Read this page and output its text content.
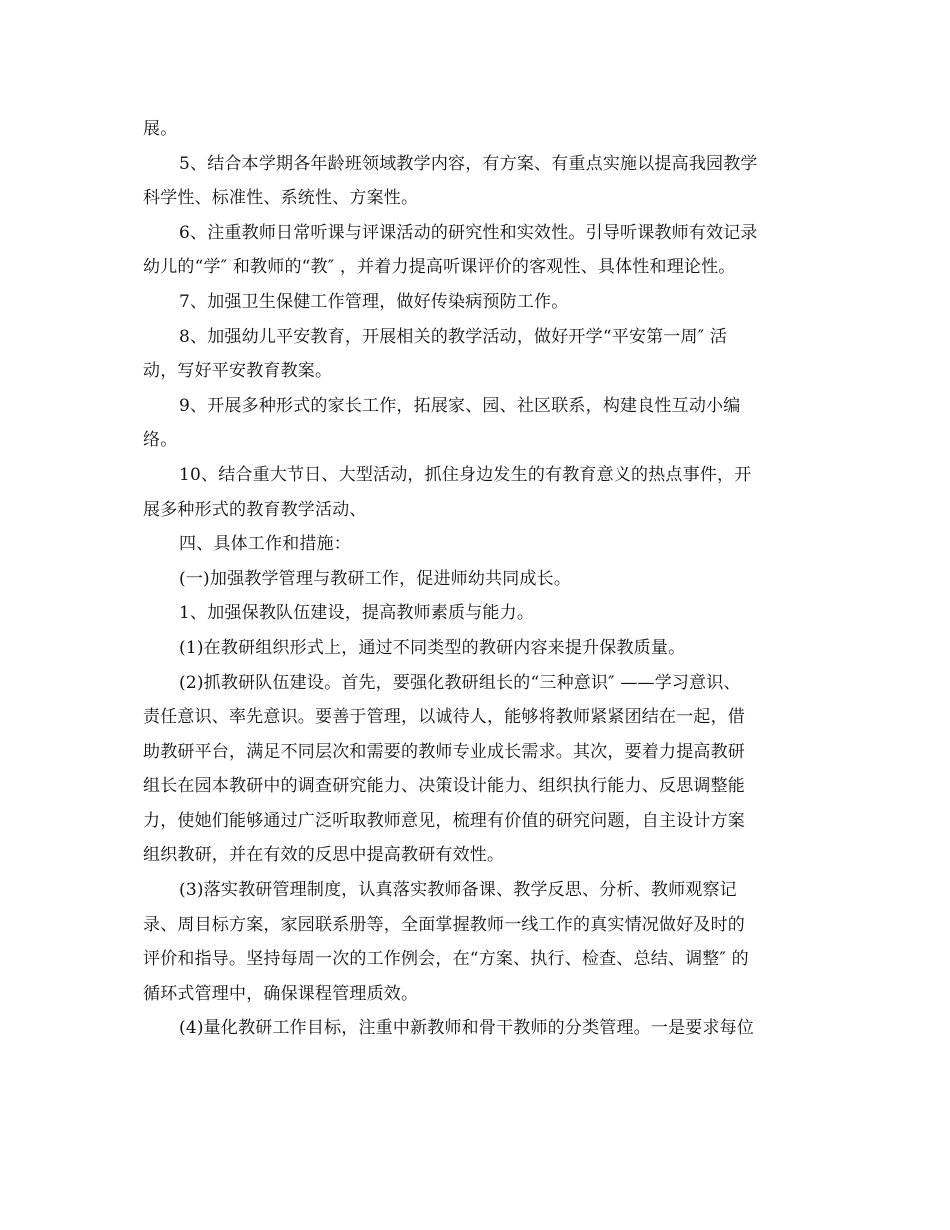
展。
5、结合本学期各年龄班领域教学内容，有方案、有重点实施以提高我园教学
科学性、标准性、系统性、方案性。
6、注重教师日常听课与评课活动的研究性和实效性。引导听课教师有效记录
幼儿的“学″ 和教师的“教″ ，并着力提高听课评价的客观性、具体性和理论性。
7、加强卫生保健工作管理，做好传染病预防工作。
8、加强幼儿平安教育，开展相关的教学活动，做好开学“平安第一周″ 活
动，写好平安教育教案。
9、开展多种形式的家长工作，拓展家、园、社区联系，构建良性互动小编
络。
10、结合重大节日、大型活动，抓住身边发生的有教育意义的热点事件，开
展多种形式的教育教学活动、
四、具体工作和措施：
(一)加强教学管理与教研工作，促进师幼共同成长。
1、加强保教队伍建设，提高教师素质与能力。
(1)在教研组织形式上，通过不同类型的教研内容来提升保教质量。
(2)抓教研队伍建设。首先，要强化教研组长的“三种意识″ ——学习意识、
责任意识、率先意识。要善于管理，以诚待人，能够将教师紧紧团结在一起，借
助教研平台，满足不同层次和需要的教师专业成长需求。其次，要着力提高教研
组长在园本教研中的调查研究能力、决策设计能力、组织执行能力、反思调整能
力，使她们能够通过广泛听取教师意见，梳理有价值的研究问题，自主设计方案
组织教研，并在有效的反思中提高教研有效性。
(3)落实教研管理制度，认真落实教师备课、教学反思、分析、教师观察记
录、周目标方案，家园联系册等，全面掌握教师一线工作的真实情况做好及时的
评价和指导。坚持每周一次的工作例会，在“方案、执行、检查、总结、调整″ 的
循环式管理中，确保课程管理质效。
(4)量化教研工作目标，注重中新教师和骨干教师的分类管理。一是要求每位
